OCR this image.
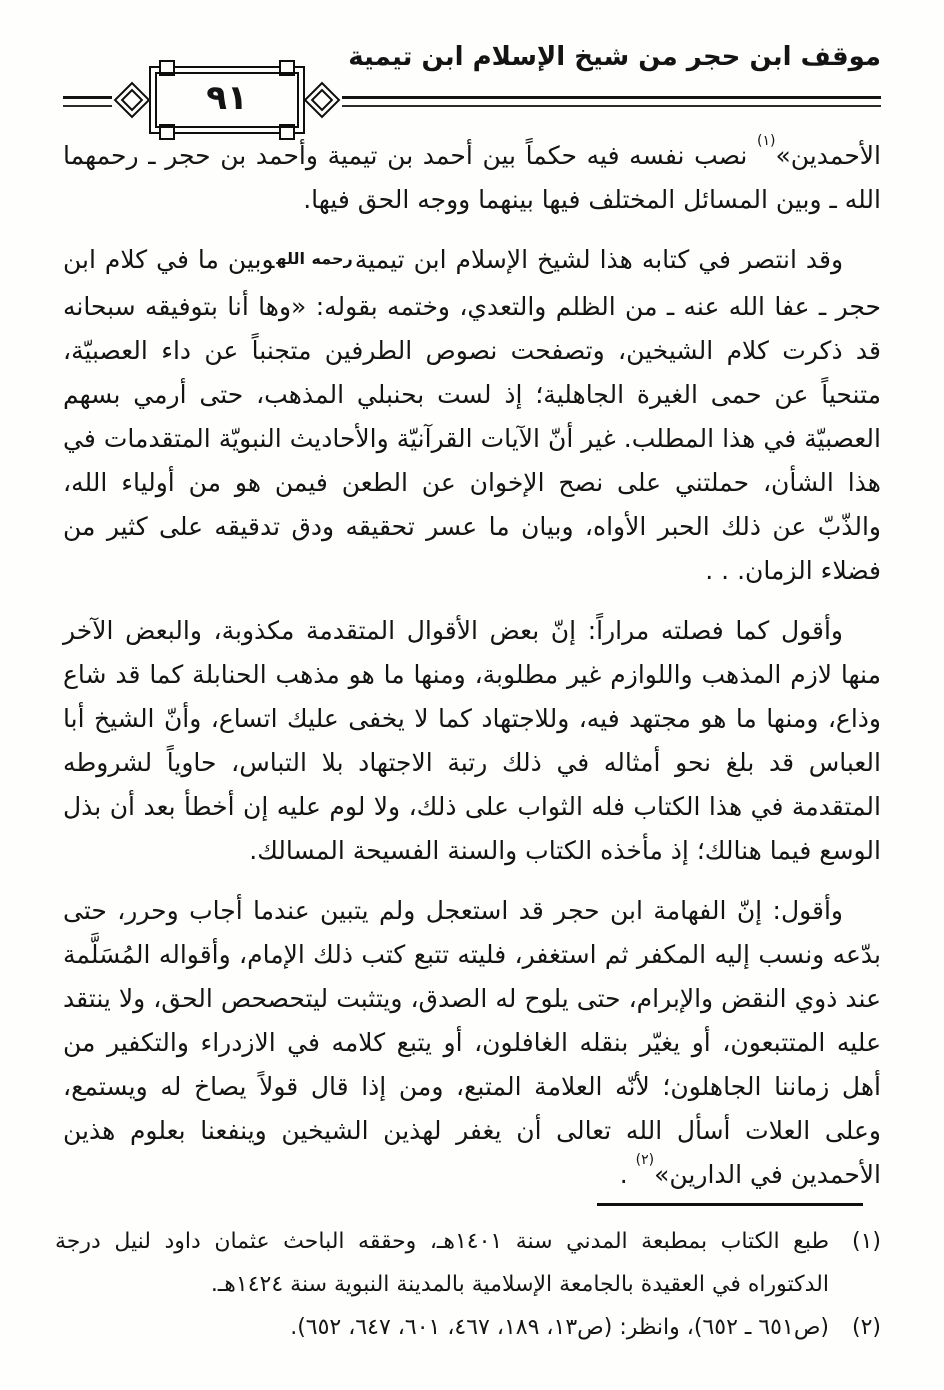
موقف ابن حجر من شيخ الإسلام ابن تيمية
٩١

الأحمدين»$^{(١)}$ نصب نفسه فيه حكماً بين أحمد بن تيمية وأحمد بن حجر ـ رحمهما الله ـ وبين المسائل المختلف فيها بينهما ووجه الحق فيها.

وقد انتصر في كتابه هذا لشيخ الإسلام ابن تيميةرحمه اللهوبين ما في كلام ابن حجر ـ عفا الله عنه ـ من الظلم والتعدي، وختمه بقوله: «وها أنا بتوفيقه سبحانه قد ذكرت كلام الشيخين، وتصفحت نصوص الطرفين متجنباً عن داء العصبيّة، متنحياً عن حمى الغيرة الجاهلية؛ إذ لست بحنبلي المذهب، حتى أرمي بسهم العصبيّة في هذا المطلب. غير أنّ الآيات القرآنيّة والأحاديث النبويّة المتقدمات في هذا الشأن، حملتني على نصح الإخوان عن الطعن فيمن هو من أولياء الله، والذّبّ عن ذلك الحبر الأواه، وبيان ما عسر تحقيقه ودق تدقيقه على كثير من فضلاء الزمان. . .

وأقول كما فصلته مراراً: إنّ بعض الأقوال المتقدمة مكذوبة، والبعض الآخر منها لازم المذهب واللوازم غير مطلوبة، ومنها ما هو مذهب الحنابلة كما قد شاع وذاع، ومنها ما هو مجتهد فيه، وللاجتهاد كما لا يخفى عليك اتساع، وأنّ الشيخ أبا العباس قد بلغ نحو أمثاله في ذلك رتبة الاجتهاد بلا التباس، حاوياً لشروطه المتقدمة في هذا الكتاب فله الثواب على ذلك، ولا لوم عليه إن أخطأ بعد أن بذل الوسع فيما هنالك؛ إذ مأخذه الكتاب والسنة الفسيحة المسالك.

وأقول: إنّ الفهامة ابن حجر قد استعجل ولم يتبين عندما أجاب وحرر، حتى بدّعه ونسب إليه المكفر ثم استغفر، فليته تتبع كتب ذلك الإمام، وأقواله المُسَلَّمة عند ذوي النقض والإبرام، حتى يلوح له الصدق، ويتثبت ليتحصحص الحق، ولا ينتقد عليه المتتبعون، أو يغيّر بنقله الغافلون، أو يتبع كلامه في الازدراء والتكفير من أهل زماننا الجاهلون؛ لأنّه العلامة المتبع، ومن إذا قال قولاً يصاخ له ويستمع، وعلى العلات أسأل الله تعالى أن يغفر لهذين الشيخين وينفعنا بعلوم هذين الأحمدين في الدارين»$^{(٢)}$ .

(١)
طبع الكتاب بمطبعة المدني سنة ١٤٠١هـ، وحققه الباحث عثمان داود لنيل درجة الدكتوراه في العقيدة بالجامعة الإسلامية بالمدينة النبوية سنة ١٤٢٤هـ.
(٢)
(ص٦٥١ ـ ٦٥٢)، وانظر: (ص١٣، ١٨٩، ٤٦٧، ٦٠١، ٦٤٧، ٦٥٢).
